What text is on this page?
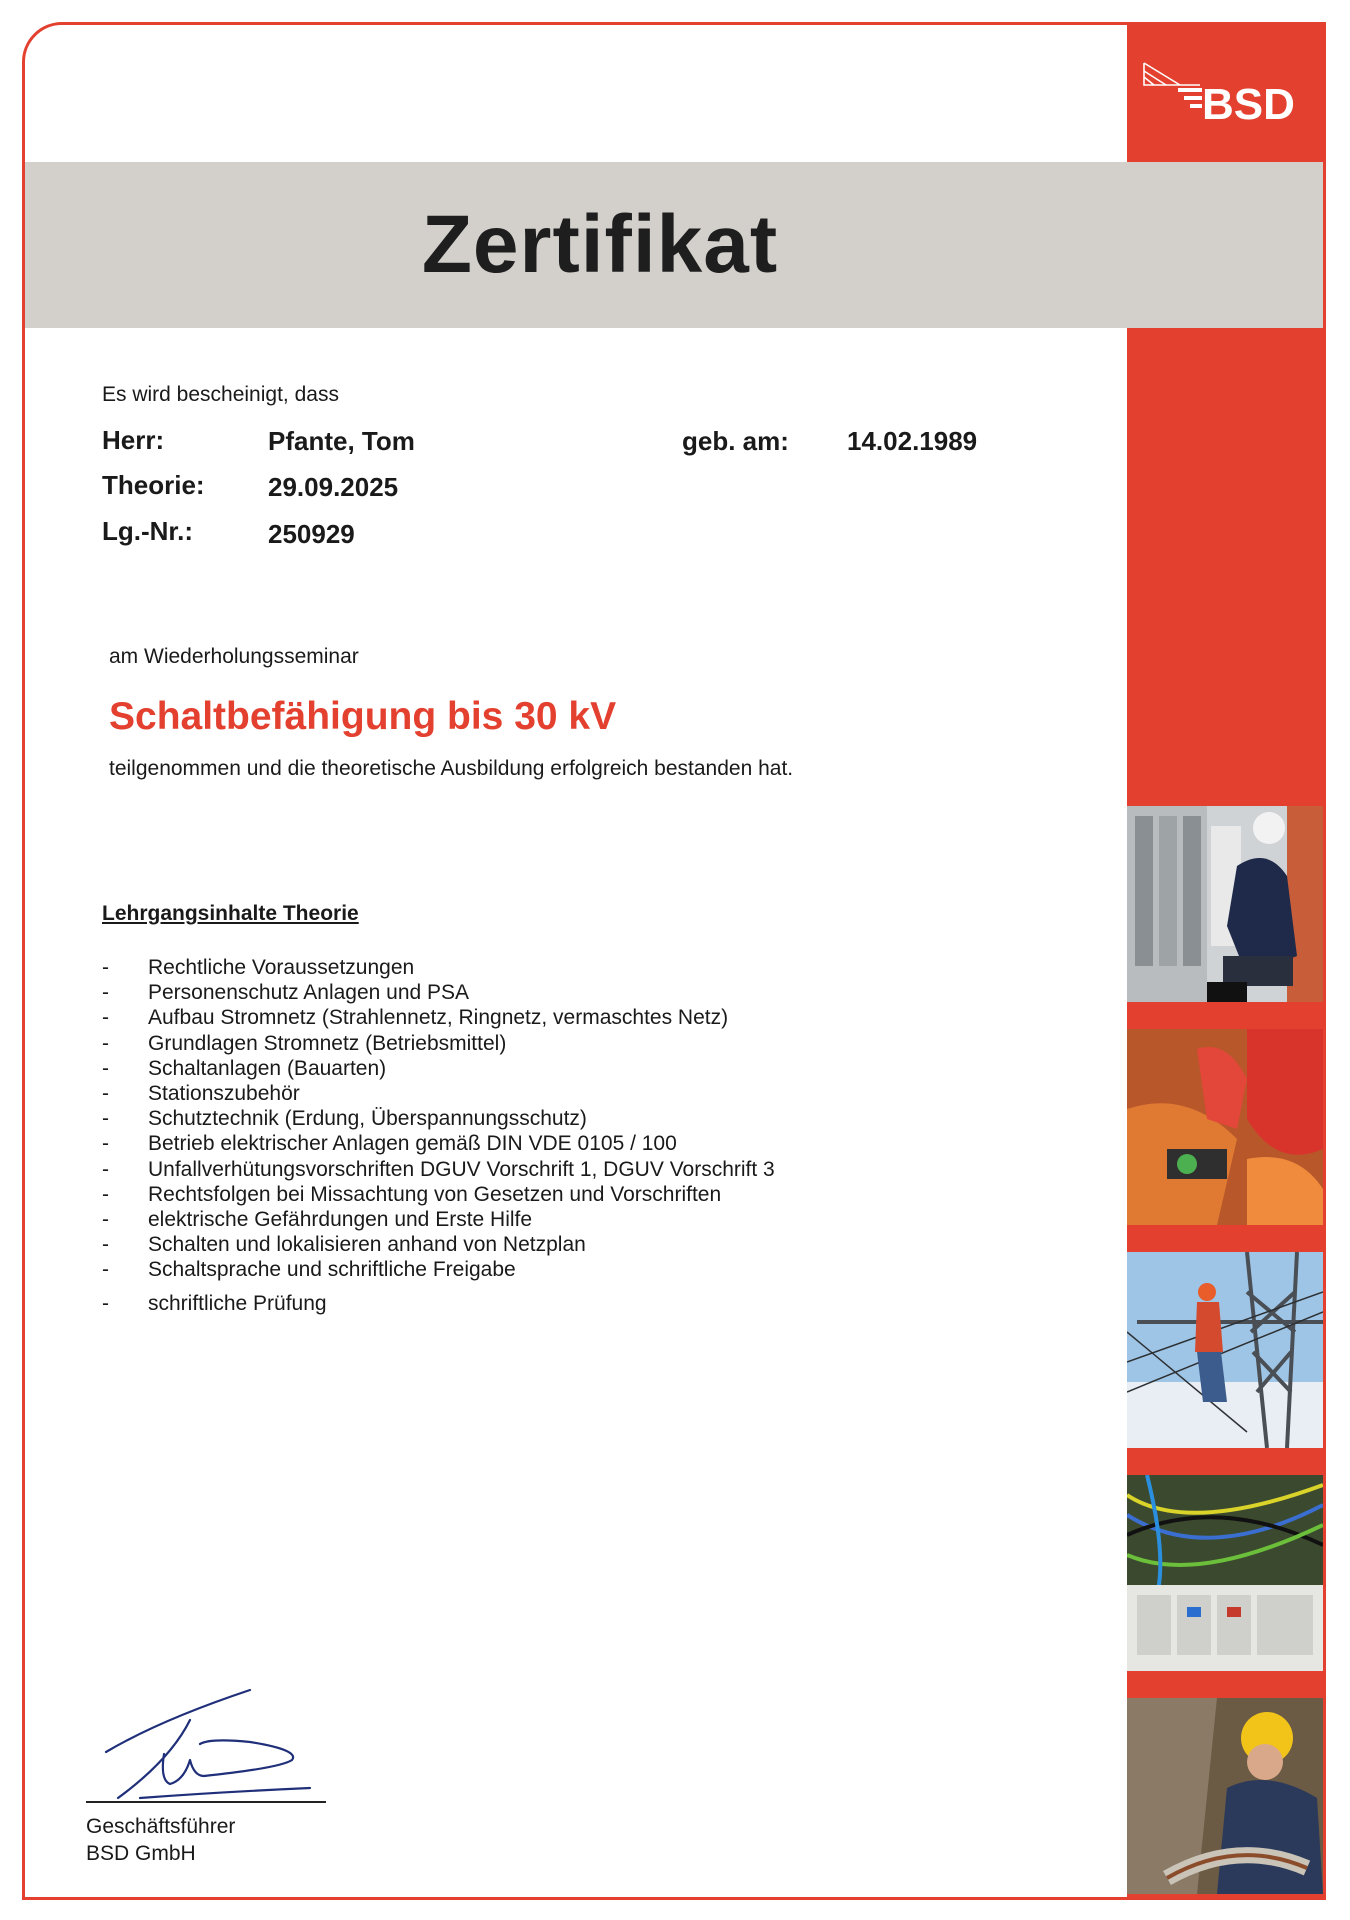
BSD
Zertifikat
Es wird bescheinigt, dass
Herr:	Pfante, Tom	geb. am: 14.02.1989
Theorie: 29.09.2025
Lg.-Nr.:	250929
am Wiederholungsseminar
Schaltbefähigung bis 30 kV
teilgenommen und die theoretische Ausbildung erfolgreich bestanden hat.
Lehrgangsinhalte Theorie
- Rechtliche Voraussetzungen
- Personenschutz Anlagen und PSA
- Aufbau Stromnetz (Strahlennetz, Ringnetz, vermaschtes Netz)
- Grundlagen Stromnetz (Betriebsmittel)
- Schaltanlagen (Bauarten)
- Stationszubehör
- Schutztechnik (Erdung, Überspannungsschutz)
- Betrieb elektrischer Anlagen gemäß DIN VDE 0105 / 100
- Unfallverhütungsvorschriften DGUV Vorschrift 1, DGUV Vorschrift 3
- Rechtsfolgen bei Missachtung von Gesetzen und Vorschriften
- elektrische Gefährdungen und Erste Hilfe
- Schalten und lokalisieren anhand von Netzplan
- Schaltsprache und schriftliche Freigabe
- schriftliche Prüfung
Geschäftsführer
BSD GmbH
